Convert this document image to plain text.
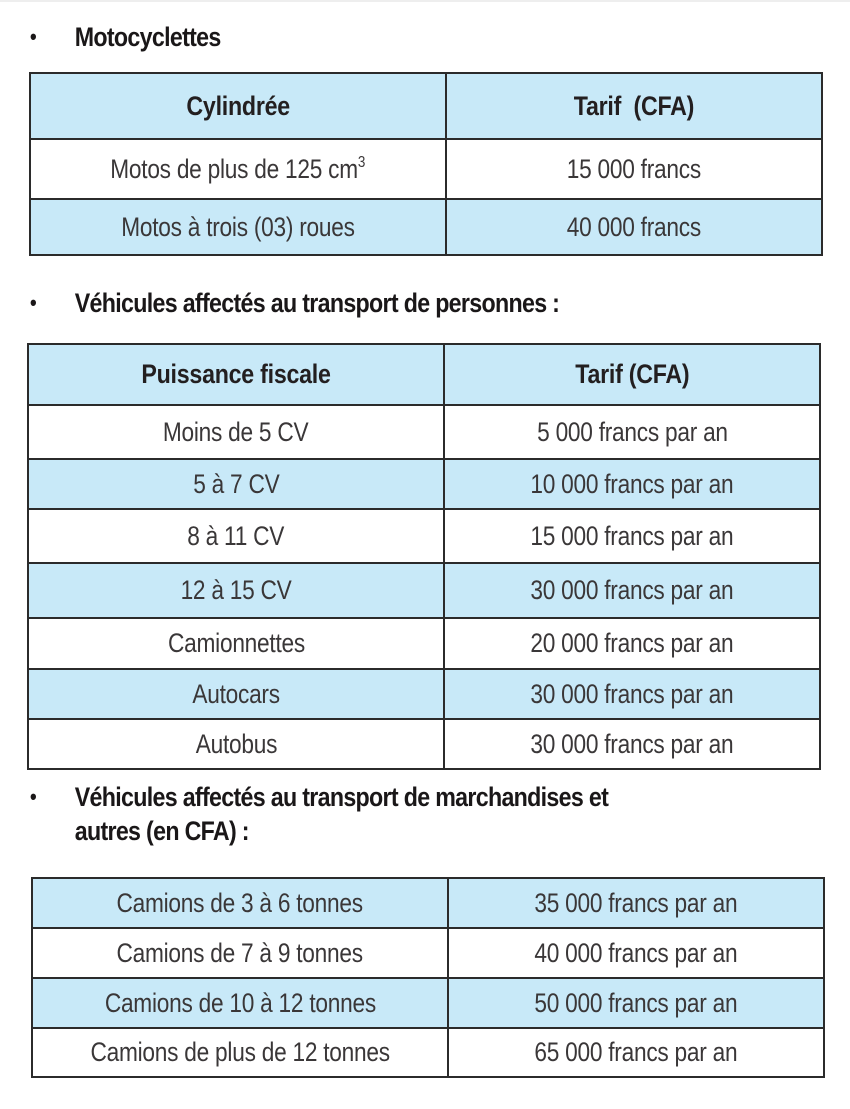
• Motocyclettes
Cylindrée	Tarif  (CFA)
Motos de plus de 125 $cm^3$	15 000 francs
Motos à trois (03) roues	40 000 francs
• Véhicules affectés au transport de personnes :
Puissance fiscale	Tarif (CFA)
Moins de 5 CV	5 000 francs par an
5 à 7 CV	10 000 francs par an
8 à 11 CV	15 000 francs par an
12 à 15 CV	30 000 francs par an
Camionnettes	20 000 francs par an
Autocars	30 000 francs par an
Autobus	30 000 francs par an
• Véhicules affectés au transport de marchandises et
autres (en CFA) :
Camions de 3 à 6 tonnes	35 000 francs par an
Camions de 7 à 9 tonnes	40 000 francs par an
Camions de 10 à 12 tonnes	50 000 francs par an
Camions de plus de 12 tonnes	65 000 francs par an
